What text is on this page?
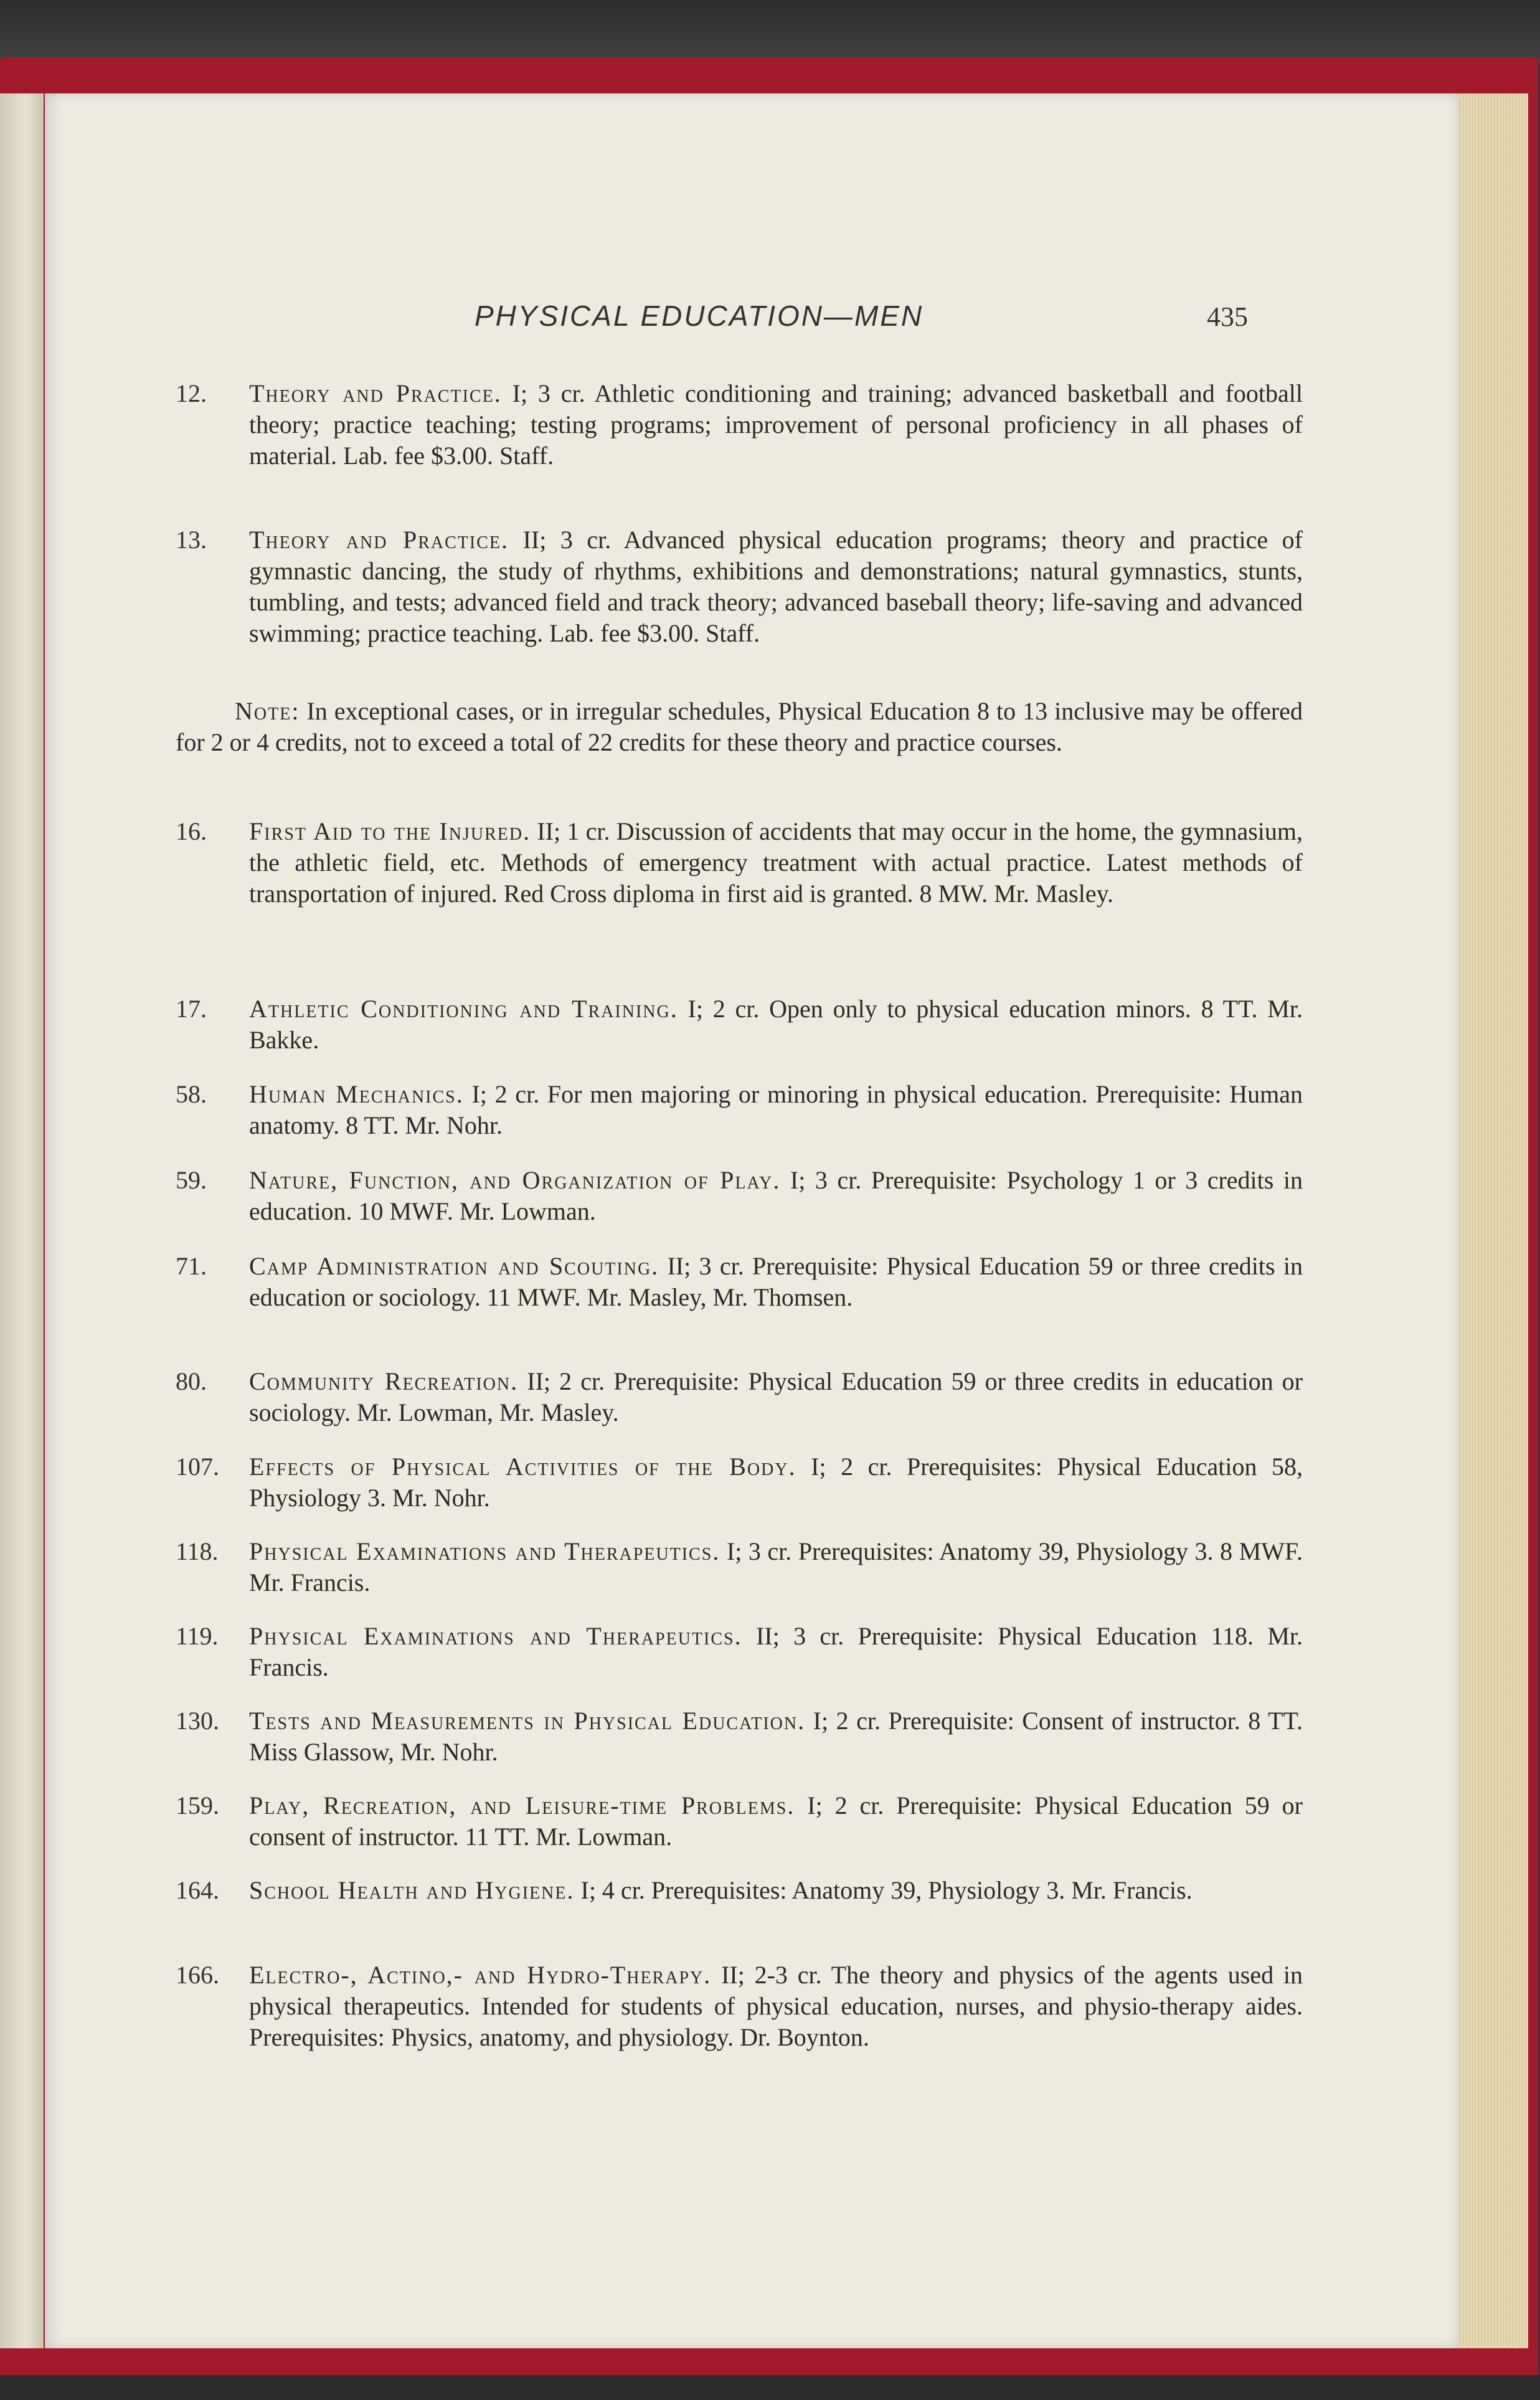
PHYSICAL EDUCATION—MEN	435
12.	Theory and Practice. I; 3 cr. Athletic conditioning and training; advanced basketball and football theory; practice teaching; testing programs; improvement of personal proficiency in all phases of material. Lab. fee $3.00. Staff.
13.	Theory and Practice. II; 3 cr. Advanced physical education programs; theory and practice of gymnastic dancing, the study of rhythms, exhibitions and demonstrations; natural gymnastics, stunts, tumbling, and tests; advanced field and track theory; advanced baseball theory; life-saving and advanced swimming; practice teaching. Lab. fee $3.00. Staff.
Note: In exceptional cases, or in irregular schedules, Physical Education 8 to 13 inclusive may be offered for 2 or 4 credits, not to exceed a total of 22 credits for these theory and practice courses.
16.	First Aid to the Injured. II; 1 cr. Discussion of accidents that may occur in the home, the gymnasium, the athletic field, etc. Methods of emergency treatment with actual practice. Latest methods of transportation of injured. Red Cross diploma in first aid is granted. 8 MW. Mr. Masley.
17.	Athletic Conditioning and Training. I; 2 cr. Open only to physical education minors. 8 TT. Mr. Bakke.
58.	Human Mechanics. I; 2 cr. For men majoring or minoring in physical education. Prerequisite: Human anatomy. 8 TT. Mr. Nohr.
59.	Nature, Function, and Organization of Play. I; 3 cr. Prerequisite: Psychology 1 or 3 credits in education. 10 MWF. Mr. Lowman.
71.	Camp Administration and Scouting. II; 3 cr. Prerequisite: Physical Education 59 or three credits in education or sociology. 11 MWF. Mr. Masley, Mr. Thomsen.
80.	Community Recreation. II; 2 cr. Prerequisite: Physical Education 59 or three credits in education or sociology. Mr. Lowman, Mr. Masley.
107.	Effects of Physical Activities of the Body. I; 2 cr. Prerequisites: Physical Education 58, Physiology 3. Mr. Nohr.
118.	Physical Examinations and Therapeutics. I; 3 cr. Prerequisites: Anatomy 39, Physiology 3. 8 MWF. Mr. Francis.
119.	Physical Examinations and Therapeutics. II; 3 cr. Prerequisite: Physical Education 118. Mr. Francis.
130.	Tests and Measurements in Physical Education. I; 2 cr. Prerequisite: Consent of instructor. 8 TT. Miss Glassow, Mr. Nohr.
159.	Play, Recreation, and Leisure-time Problems. I; 2 cr. Prerequisite: Physical Education 59 or consent of instructor. 11 TT. Mr. Lowman.
164.	School Health and Hygiene. I; 4 cr. Prerequisites: Anatomy 39, Physiology 3. Mr. Francis.
166.	Electro-, Actino,- and Hydro-Therapy. II; 2-3 cr. The theory and physics of the agents used in physical therapeutics. Intended for students of physical education, nurses, and physio-therapy aides. Prerequisites: Physics, anatomy, and physiology. Dr. Boynton.
